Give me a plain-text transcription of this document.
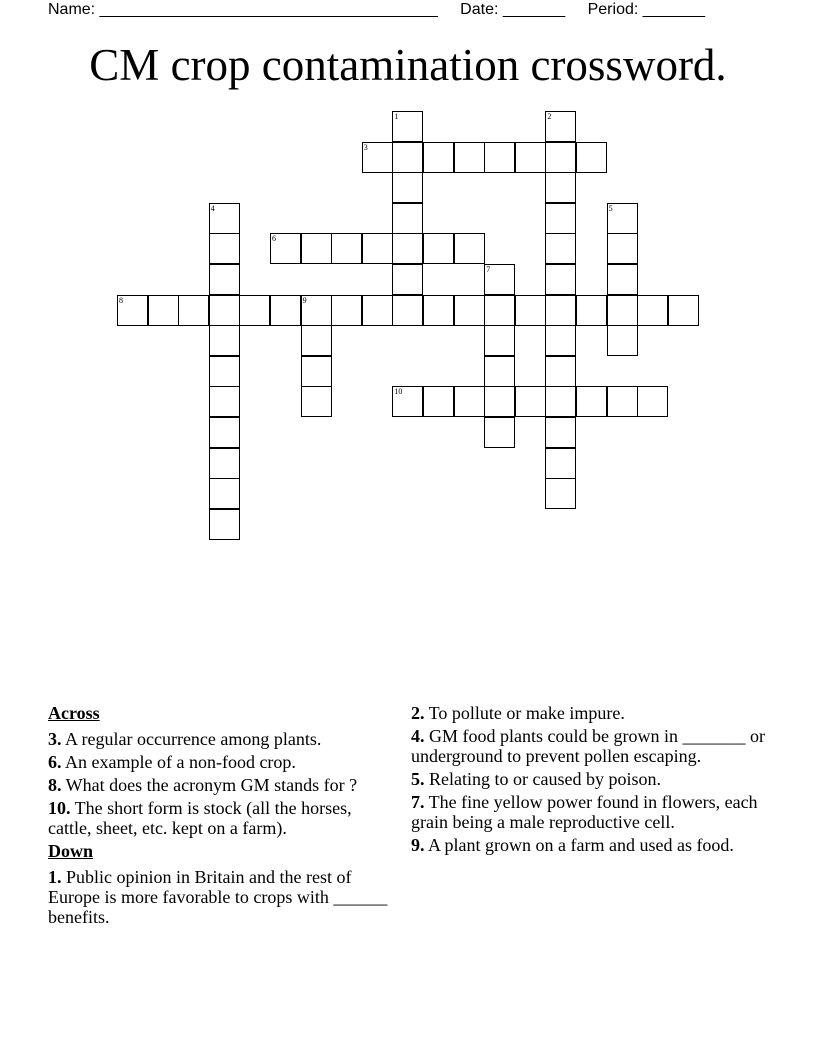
Name: ______________________________________ Date: _______ Period: _______
CM crop contamination crossword.
1	2
3
4	5
6
7
8	9
10
Across
3. A regular occurrence among plants.
6. An example of a non-food crop.
8. What does the acronym GM stands for ?
10. The short form is stock (all the horses, cattle, sheet, etc. kept on a farm).
Down
1. Public opinion in Britain and the rest of Europe is more favorable to crops with ______ benefits.
2. To pollute or make impure.
4. GM food plants could be grown in _______ or underground to prevent pollen escaping.
5. Relating to or caused by poison.
7. The fine yellow power found in flowers, each grain being a male reproductive cell.
9. A plant grown on a farm and used as food.
